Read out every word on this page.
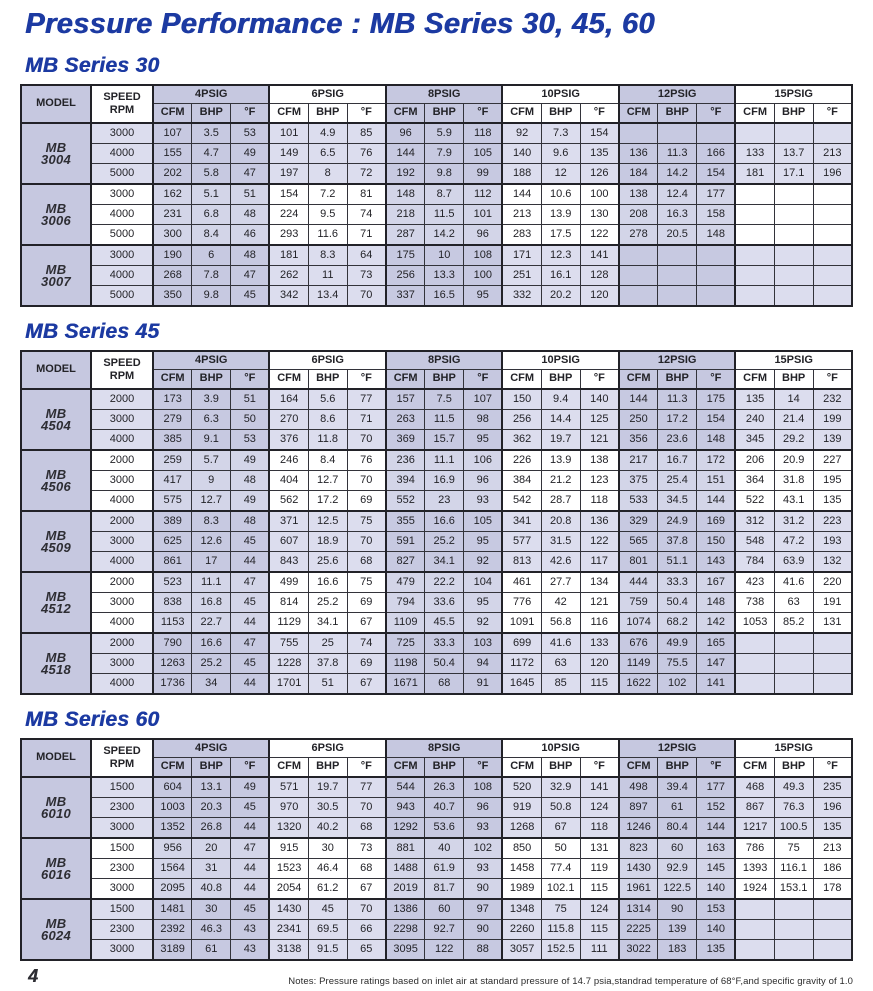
Pressure Performance : MB Series 30, 45, 60
MB Series 30
MODEL	SPEED
RPM	4PSIG			6PSIG			8PSIG			10PSIG			12PSIG			15PSIG		
		CFM	BHP	°F	CFM	BHP	°F	CFM	BHP	°F	CFM	BHP	°F	CFM	BHP	°F	CFM	BHP	°F
MB
3004	3000	107	3.5	53	101	4.9	85	96	5.9	118	92	7.3	154						
	4000	155	4.7	49	149	6.5	76	144	7.9	105	140	9.6	135	136	11.3	166	133	13.7	213
	5000	202	5.8	47	197	8	72	192	9.8	99	188	12	126	184	14.2	154	181	17.1	196
MB
3006	3000	162	5.1	51	154	7.2	81	148	8.7	112	144	10.6	100	138	12.4	177			
	4000	231	6.8	48	224	9.5	74	218	11.5	101	213	13.9	130	208	16.3	158			
	5000	300	8.4	46	293	11.6	71	287	14.2	96	283	17.5	122	278	20.5	148			
MB
3007	3000	190	6	48	181	8.3	64	175	10	108	171	12.3	141						
	4000	268	7.8	47	262	11	73	256	13.3	100	251	16.1	128						
	5000	350	9.8	45	342	13.4	70	337	16.5	95	332	20.2	120						
MB Series 45
MODEL	SPEED
RPM	4PSIG			6PSIG			8PSIG			10PSIG			12PSIG			15PSIG		
		CFM	BHP	°F	CFM	BHP	°F	CFM	BHP	°F	CFM	BHP	°F	CFM	BHP	°F	CFM	BHP	°F
MB
4504	2000	173	3.9	51	164	5.6	77	157	7.5	107	150	9.4	140	144	11.3	175	135	14	232
	3000	279	6.3	50	270	8.6	71	263	11.5	98	256	14.4	125	250	17.2	154	240	21.4	199
	4000	385	9.1	53	376	11.8	70	369	15.7	95	362	19.7	121	356	23.6	148	345	29.2	139
MB
4506	2000	259	5.7	49	246	8.4	76	236	11.1	106	226	13.9	138	217	16.7	172	206	20.9	227
	3000	417	9	48	404	12.7	70	394	16.9	96	384	21.2	123	375	25.4	151	364	31.8	195
	4000	575	12.7	49	562	17.2	69	552	23	93	542	28.7	118	533	34.5	144	522	43.1	135
MB
4509	2000	389	8.3	48	371	12.5	75	355	16.6	105	341	20.8	136	329	24.9	169	312	31.2	223
	3000	625	12.6	45	607	18.9	70	591	25.2	95	577	31.5	122	565	37.8	150	548	47.2	193
	4000	861	17	44	843	25.6	68	827	34.1	92	813	42.6	117	801	51.1	143	784	63.9	132
MB
4512	2000	523	11.1	47	499	16.6	75	479	22.2	104	461	27.7	134	444	33.3	167	423	41.6	220
	3000	838	16.8	45	814	25.2	69	794	33.6	95	776	42	121	759	50.4	148	738	63	191
	4000	1153	22.7	44	1129	34.1	67	1109	45.5	92	1091	56.8	116	1074	68.2	142	1053	85.2	131
MB
4518	2000	790	16.6	47	755	25	74	725	33.3	103	699	41.6	133	676	49.9	165			
	3000	1263	25.2	45	1228	37.8	69	1198	50.4	94	1172	63	120	1149	75.5	147			
	4000	1736	34	44	1701	51	67	1671	68	91	1645	85	115	1622	102	141			
MB Series 60
MODEL	SPEED
RPM	4PSIG			6PSIG			8PSIG			10PSIG			12PSIG			15PSIG		
		CFM	BHP	°F	CFM	BHP	°F	CFM	BHP	°F	CFM	BHP	°F	CFM	BHP	°F	CFM	BHP	°F
MB
6010	1500	604	13.1	49	571	19.7	77	544	26.3	108	520	32.9	141	498	39.4	177	468	49.3	235
	2300	1003	20.3	45	970	30.5	70	943	40.7	96	919	50.8	124	897	61	152	867	76.3	196
	3000	1352	26.8	44	1320	40.2	68	1292	53.6	93	1268	67	118	1246	80.4	144	1217	100.5	135
MB
6016	1500	956	20	47	915	30	73	881	40	102	850	50	131	823	60	163	786	75	213
	2300	1564	31	44	1523	46.4	68	1488	61.9	93	1458	77.4	119	1430	92.9	145	1393	116.1	186
	3000	2095	40.8	44	2054	61.2	67	2019	81.7	90	1989	102.1	115	1961	122.5	140	1924	153.1	178
MB
6024	1500	1481	30	45	1430	45	70	1386	60	97	1348	75	124	1314	90	153			
	2300	2392	46.3	43	2341	69.5	66	2298	92.7	90	2260	115.8	115	2225	139	140			
	3000	3189	61	43	3138	91.5	65	3095	122	88	3057	152.5	111	3022	183	135			
4	Notes: Pressure ratings based on inlet air at standard pressure of 14.7 psia,standrad temperature of 68°F,and specific gravity of 1.0
